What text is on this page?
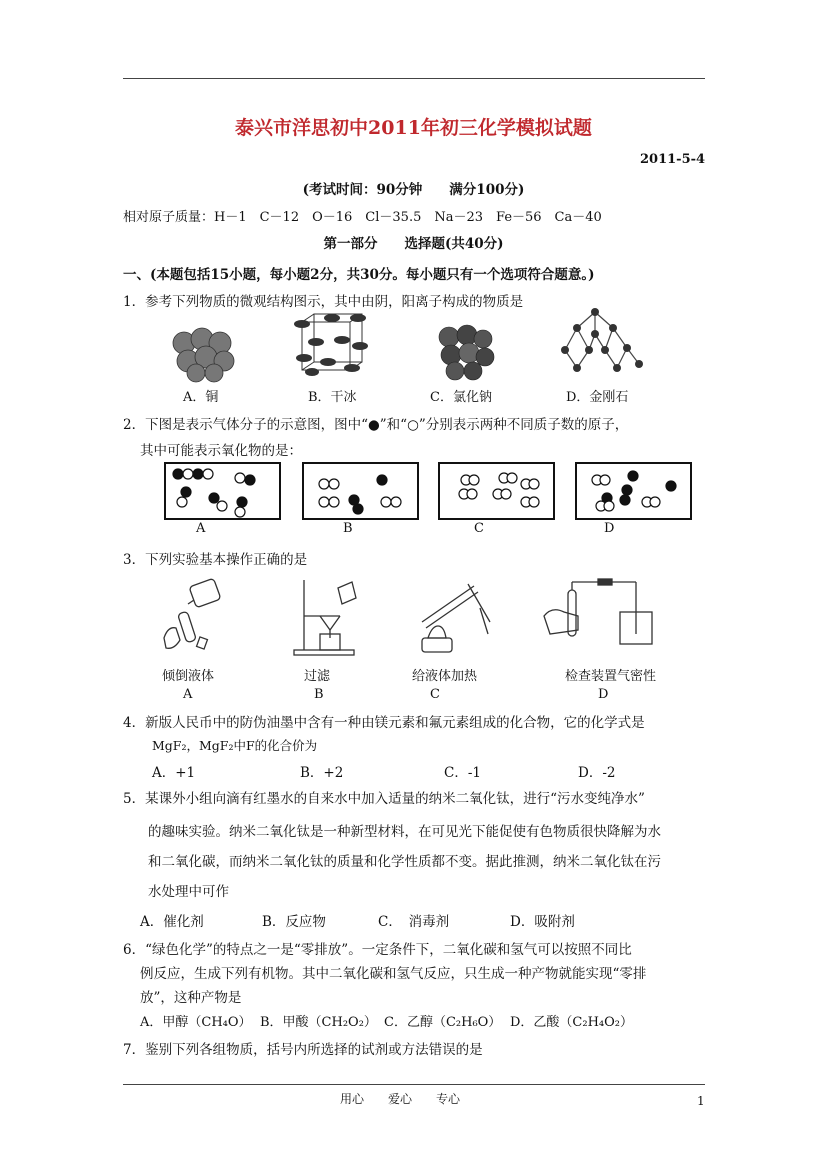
泰兴市洋思初中2011年初三化学模拟试题
2011-5-4
(考试时间：90分钟　　满分100分)
相对原子质量：H－1　C－12　O－16　Cl－35.5　Na－23　Fe－56　Ca－40
第一部分　　选择题(共40分)
一、(本题包括15小题，每小题2分，共30分。每小题只有一个选项符合题意。)
1．参考下列物质的微观结构图示，其中由阴，阳离子构成的物质是
A．铜	B．干冰	C．氯化钠	D．金刚石
2．下图是表示气体分子的示意图，图中“●”和“○”分别表示两种不同质子数的原子，
其中可能表示氧化物的是：
A	B	C	D
3．下列实验基本操作正确的是
倾倒液体	过滤	给液体加热	检查装置气密性
A	B	C	D
4．新版人民币中的防伪油墨中含有一种由镁元素和氟元素组成的化合物，它的化学式是
MgF₂，MgF₂中F的化合价为
A．+1	B．+2	C．-1	D．-2
5．某课外小组向滴有红墨水的自来水中加入适量的纳米二氧化钛，进行“污水变纯净水”
的趣味实验。纳米二氧化钛是一种新型材料，在可见光下能促使有色物质很快降解为水
和二氧化碳，而纳米二氧化钛的质量和化学性质都不变。据此推测，纳米二氧化钛在污
水处理中可作
A．催化剂	B．反应物	C．　消毒剂	D．吸附剂
6．“绿色化学”的特点之一是“零排放”。一定条件下，二氧化碳和氢气可以按照不同比
例反应，生成下列有机物。其中二氧化碳和氢气反应，只生成一种产物就能实现“零排
放”，这种产物是
A．甲醇（CH₄O） B．甲酸（CH₂O₂） C．乙醇（C₂H₆O） D．乙酸（C₂H₄O₂）
7．鉴别下列各组物质，括号内所选择的试剂或方法错误的是
用心　　爱心　　专心	1
